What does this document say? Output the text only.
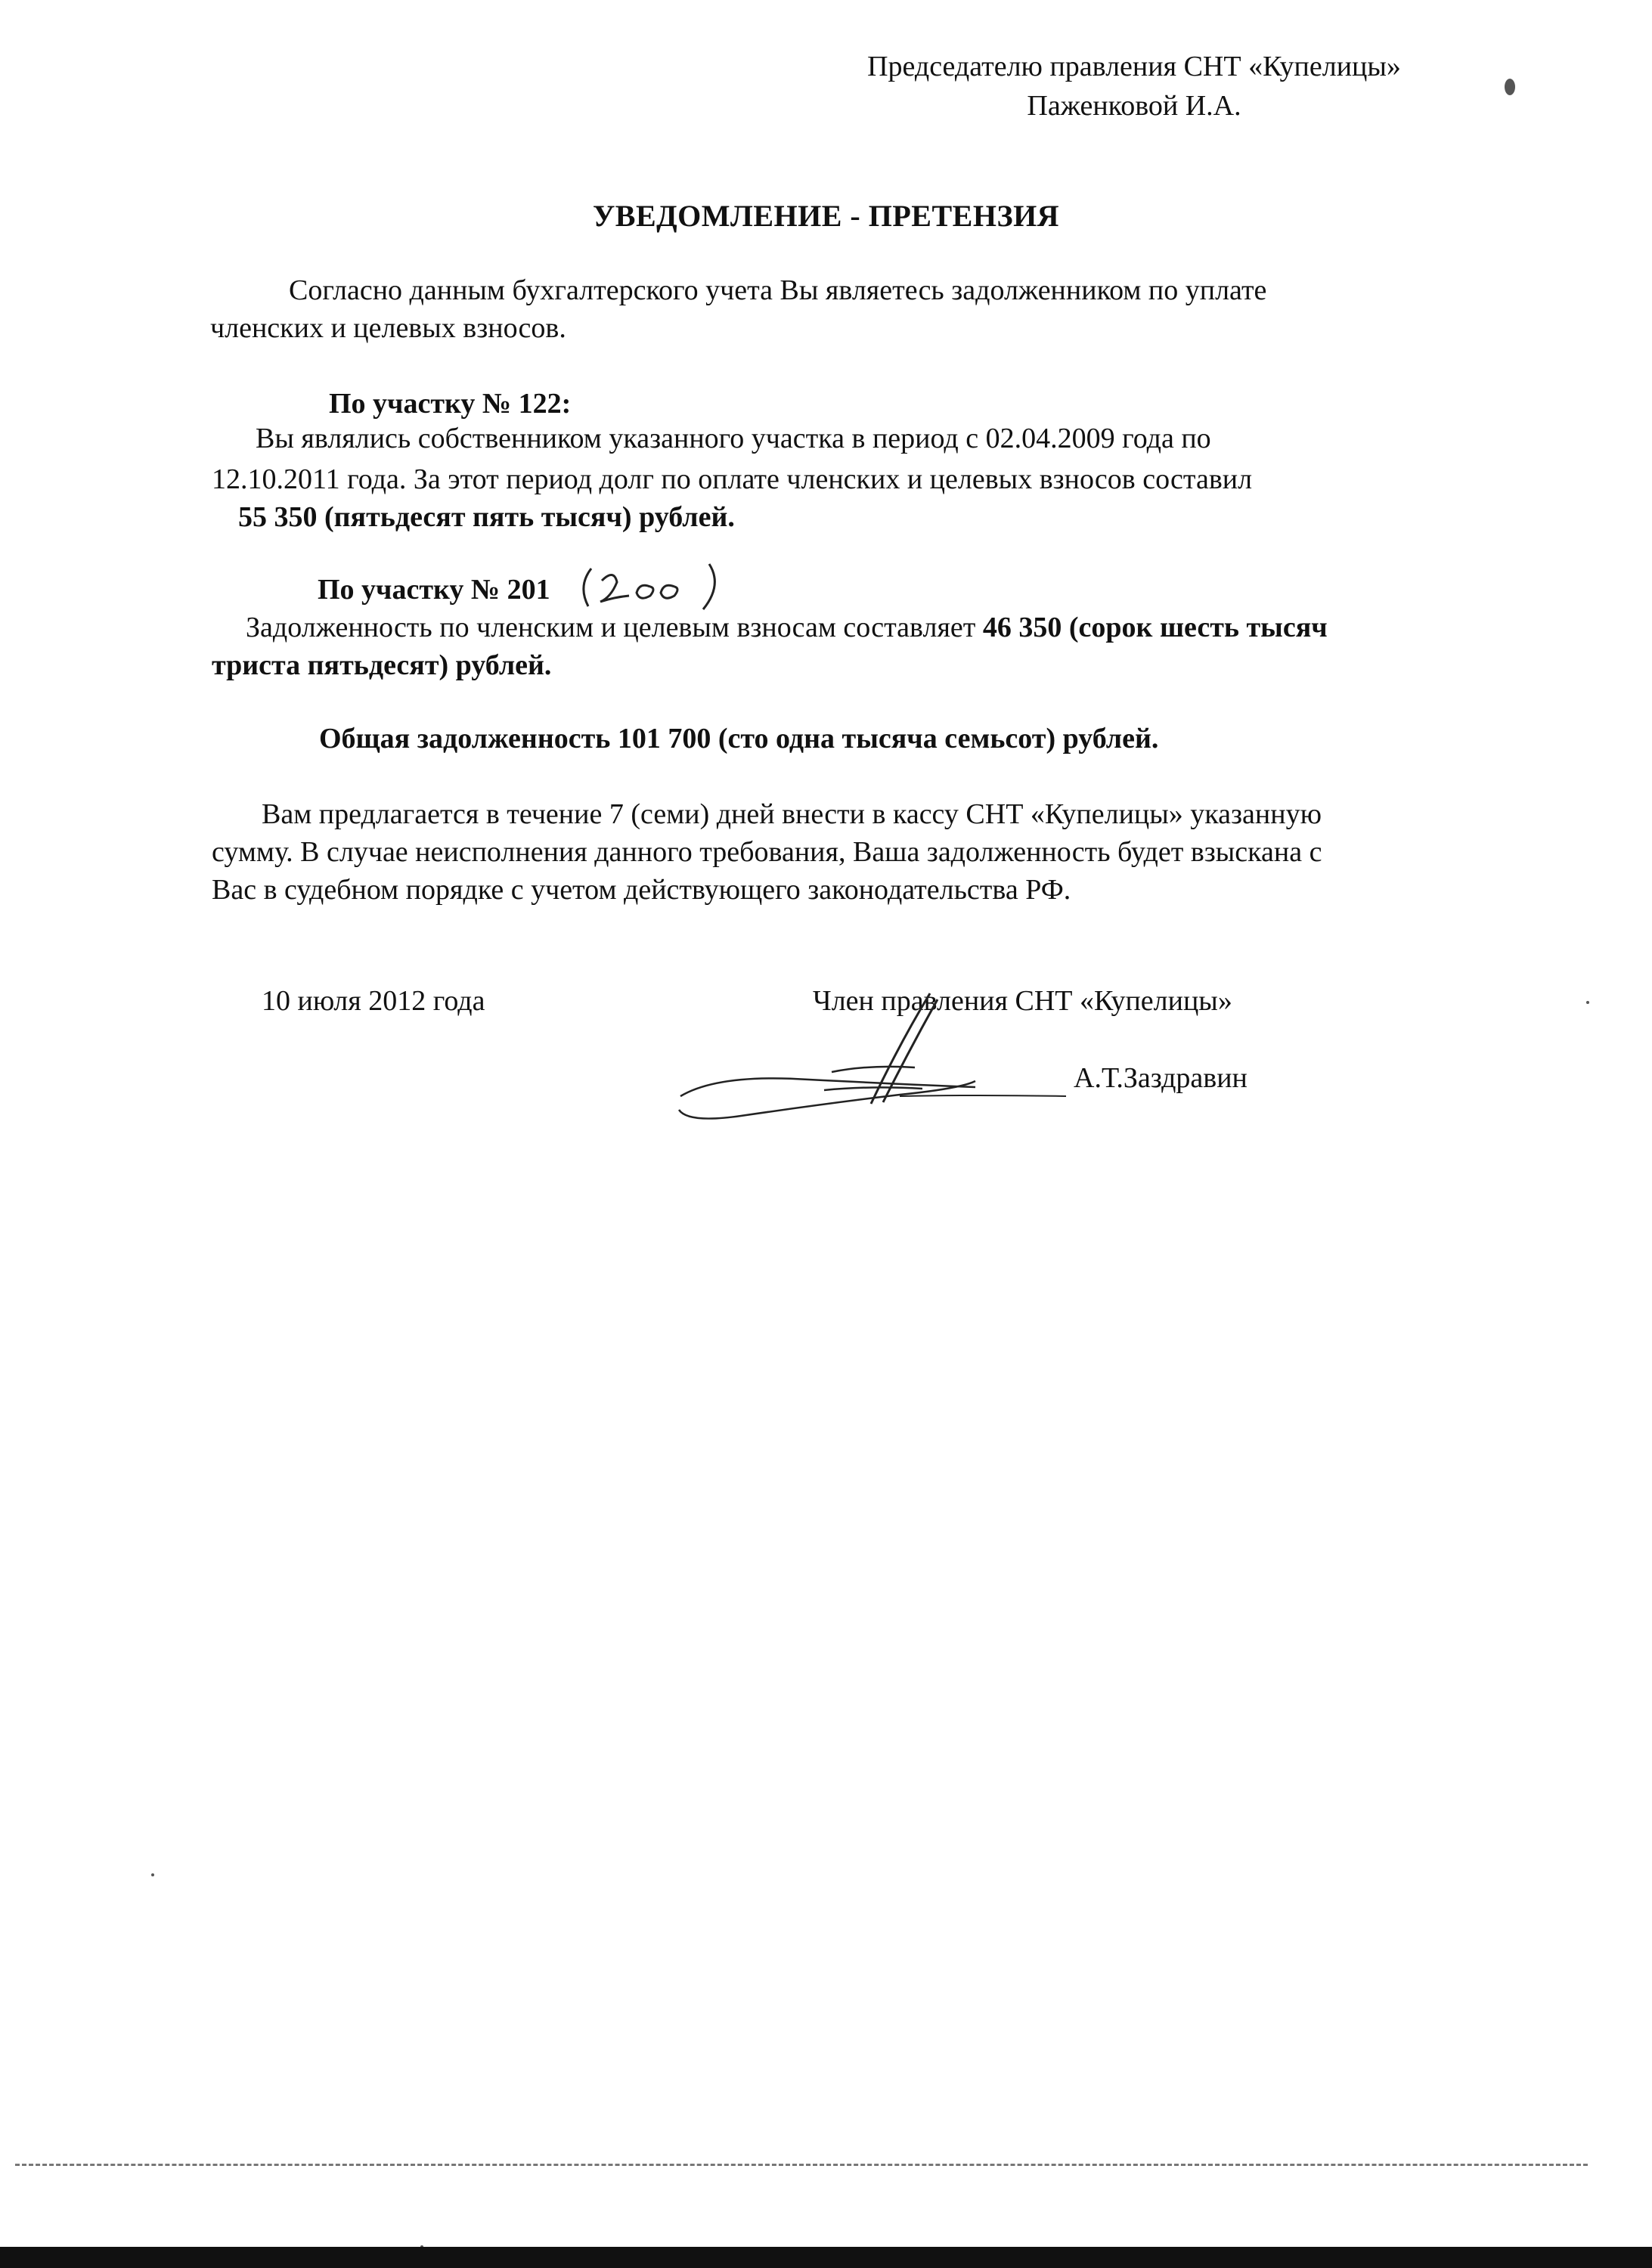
Председателю правления СНТ «Купелицы»
Паженковой И.А.
УВЕДОМЛЕНИЕ - ПРЕТЕНЗИЯ
Согласно данным бухгалтерского учета Вы являетесь задолженником по уплате
членских и целевых взносов.
По участку № 122:
Вы являлись собственником указанного участка в период с 02.04.2009 года по
12.10.2011 года. За этот период долг по оплате членских и целевых взносов составил
55 350 (пятьдесят пять тысяч) рублей.
По участку № 201
Задолженность по членским и целевым взносам составляет 46 350 (сорок шесть тысяч
триста пятьдесят) рублей.
Общая задолженность 101 700 (сто одна тысяча семьсот) рублей.
Вам предлагается в течение 7 (семи) дней внести в кассу СНТ «Купелицы» указанную
сумму. В случае неисполнения данного требования, Ваша задолженность будет взыскана с
Вас в судебном порядке с учетом действующего законодательства РФ.
10 июля 2012 года	Член правления СНТ «Купелицы»
А.Т.Заздравин
